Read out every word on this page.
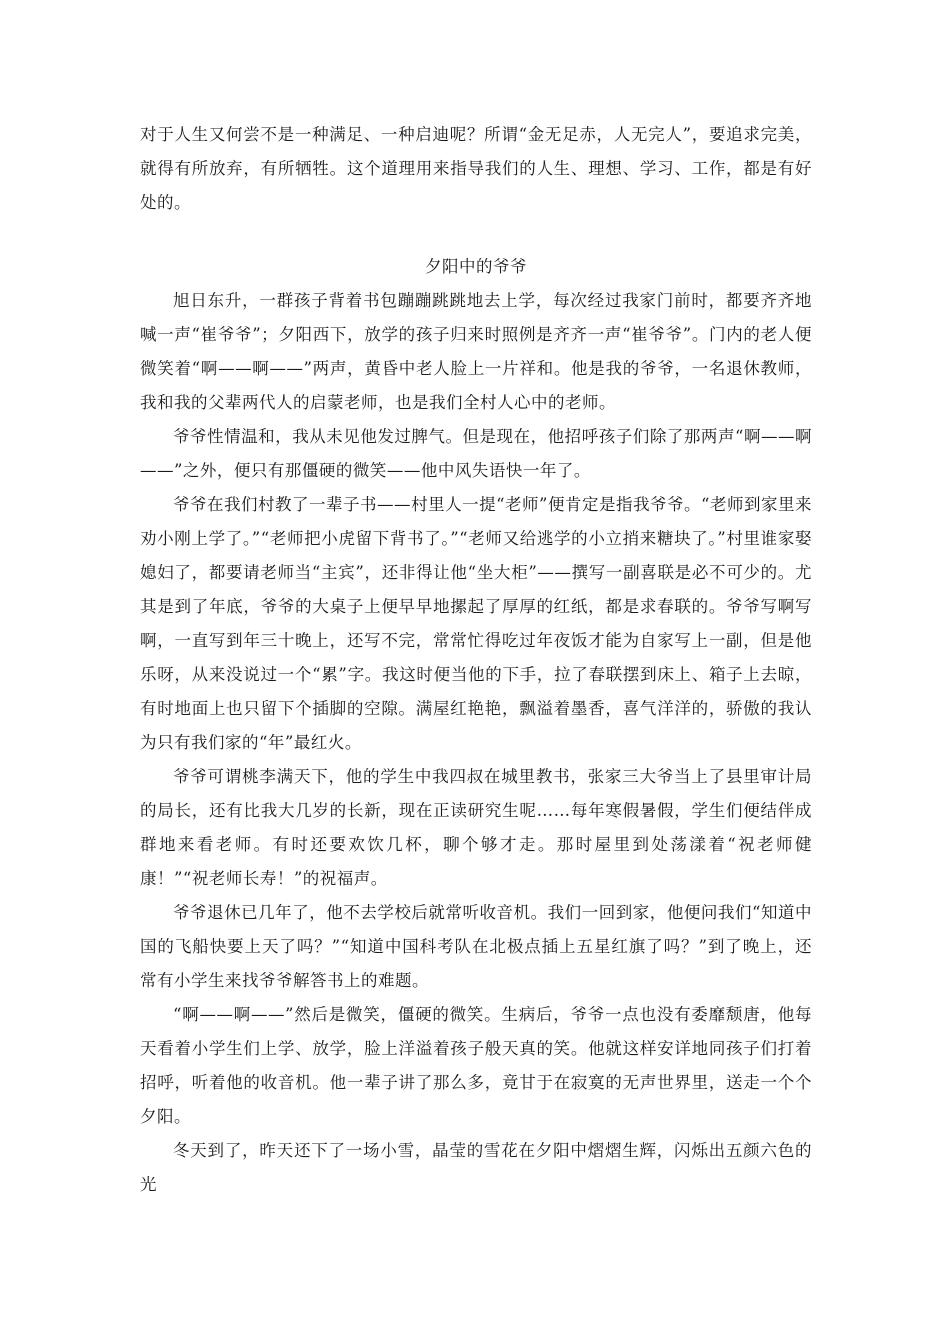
对于人生又何尝不是一种满足、一种启迪呢？所谓“金无足赤，人无完人”，要追求完美，就得有所放弃，有所牺牲。这个道理用来指导我们的人生、理想、学习、工作，都是有好处的。

夕阳中的爷爷

旭日东升，一群孩子背着书包蹦蹦跳跳地去上学，每次经过我家门前时，都要齐齐地喊一声“崔爷爷”；夕阳西下，放学的孩子归来时照例是齐齐一声“崔爷爷”。门内的老人便微笑着“啊——啊——”两声，黄昏中老人脸上一片祥和。他是我的爷爷，一名退休教师，我和我的父辈两代人的启蒙老师，也是我们全村人心中的老师。

爷爷性情温和，我从未见他发过脾气。但是现在，他招呼孩子们除了那两声“啊——啊——”之外，便只有那僵硬的微笑——他中风失语快一年了。

爷爷在我们村教了一辈子书——村里人一提“老师”便肯定是指我爷爷。“老师到家里来劝小刚上学了。”“老师把小虎留下背书了。”“老师又给逃学的小立捎来糖块了。”村里谁家娶媳妇了，都要请老师当“主宾”，还非得让他“坐大柜”——撰写一副喜联是必不可少的。尤其是到了年底，爷爷的大桌子上便早早地摞起了厚厚的红纸，都是求春联的。爷爷写啊写啊，一直写到年三十晚上，还写不完，常常忙得吃过年夜饭才能为自家写上一副，但是他乐呀，从来没说过一个“累”字。我这时便当他的下手，拉了春联摆到床上、箱子上去晾，有时地面上也只留下个插脚的空隙。满屋红艳艳，飘溢着墨香，喜气洋洋的，骄傲的我认为只有我们家的“年”最红火。

爷爷可谓桃李满天下，他的学生中我四叔在城里教书，张家三大爷当上了县里审计局的局长，还有比我大几岁的长新，现在正读研究生呢……每年寒假暑假，学生们便结伴成群地来看老师。有时还要欢饮几杯，聊个够才走。那时屋里到处荡漾着“祝老师健康！”“祝老师长寿！”的祝福声。

爷爷退休已几年了，他不去学校后就常听收音机。我们一回到家，他便问我们“知道中国的飞船快要上天了吗？”“知道中国科考队在北极点插上五星红旗了吗？”到了晚上，还常有小学生来找爷爷解答书上的难题。

“啊——啊——”然后是微笑，僵硬的微笑。生病后，爷爷一点也没有委靡颓唐，他每天看着小学生们上学、放学，脸上洋溢着孩子般天真的笑。他就这样安详地同孩子们打着招呼，听着他的收音机。他一辈子讲了那么多，竟甘于在寂寞的无声世界里，送走一个个夕阳。

冬天到了，昨天还下了一场小雪，晶莹的雪花在夕阳中熠熠生辉，闪烁出五颜六色的光
